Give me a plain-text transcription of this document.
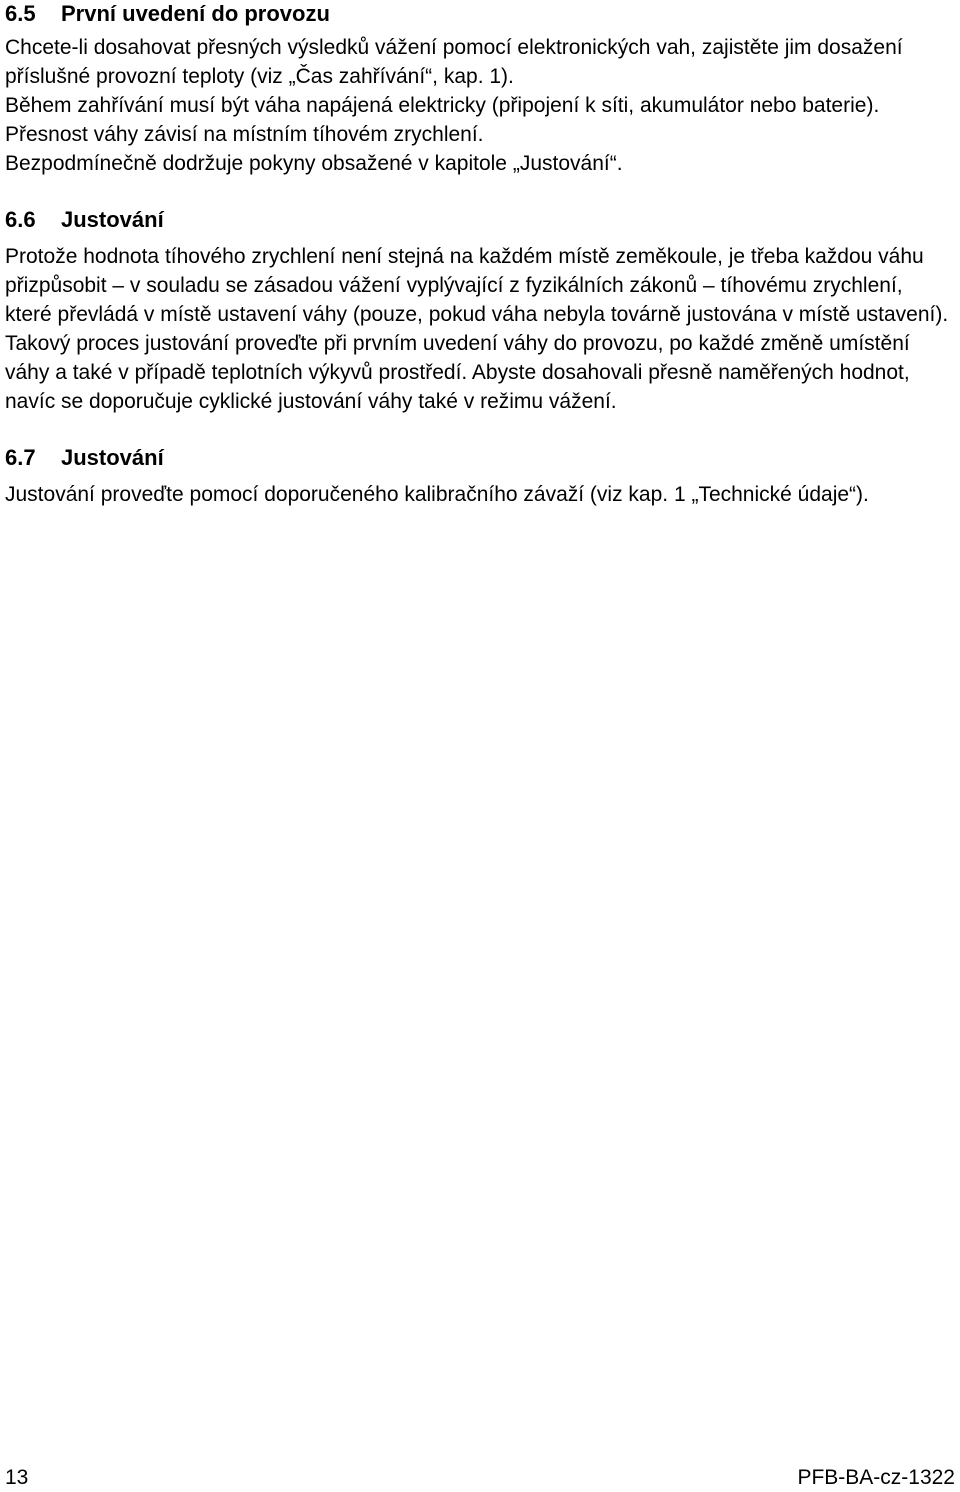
6.5 První uvedení do provozu

Chcete-li dosahovat přesných výsledků vážení pomocí elektronických vah, zajistěte jim dosažení příslušné provozní teploty (viz „Čas zahřívání“, kap. 1).

Během zahřívání musí být váha napájená elektricky (připojení k síti, akumulátor nebo baterie).

Přesnost váhy závisí na místním tíhovém zrychlení.

Bezpodmínečně dodržuje pokyny obsažené v kapitole „Justování“.

6.6 Justování

Protože hodnota tíhového zrychlení není stejná na každém místě zeměkoule, je třeba každou váhu přizpůsobit – v souladu se zásadou vážení vyplývající z fyzikálních zákonů – tíhovému zrychlení, které převládá v místě ustavení váhy (pouze, pokud váha nebyla továrně justována v místě ustavení). Takový proces justování proveďte při prvním uvedení váhy do provozu, po každé změně umístění váhy a také v případě teplotních výkyvů prostředí. Abyste dosahovali přesně naměřených hodnot, navíc se doporučuje cyklické justování váhy také v režimu vážení.

6.7 Justování

Justování proveďte pomocí doporučeného kalibračního závaží (viz kap. 1 „Technické údaje“).

13	PFB-BA-cz-1322
